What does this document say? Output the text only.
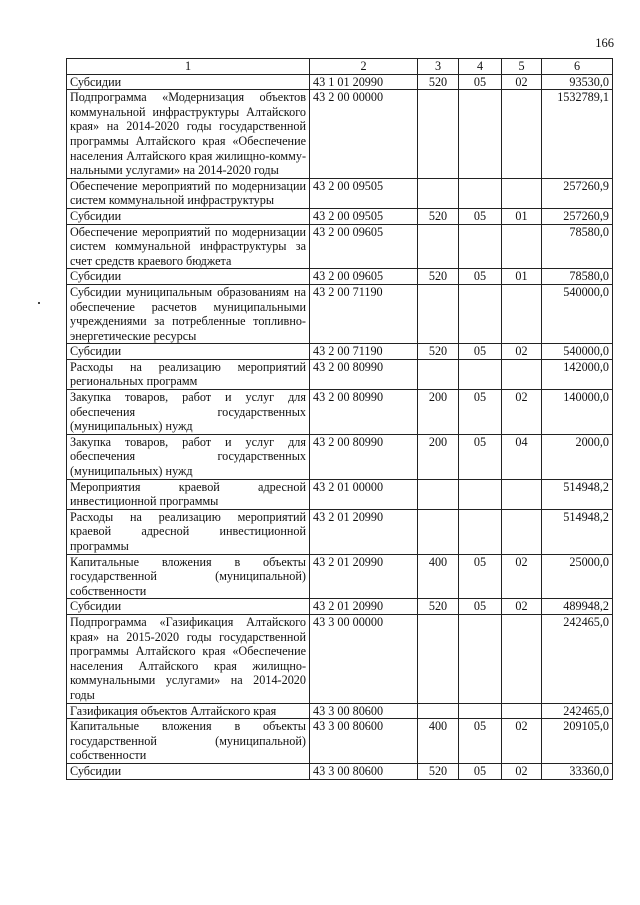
166
1	2	3	4	5	6
Субсидии	43 1 01 20990	520	05	02	93530,0
Подпрограмма «Модернизация объектов коммунальной инфраструктуры Алтайского края» на 2014-2020 годы государственной программы Алтайского края «Обеспечение населения Алтайского края жилищно-коммунальными услугами» на 2014-2020 годы	43 2 00 00000				1532789,1
Обеспечение мероприятий по модернизации систем коммунальной инфраструктуры	43 2 00 09505				257260,9
Субсидии	43 2 00 09505	520	05	01	257260,9
Обеспечение мероприятий по модернизации систем коммунальной инфраструктуры за счет средств краевого бюджета	43 2 00 09605				78580,0
Субсидии	43 2 00 09605	520	05	01	78580,0
Субсидии муниципальным образованиям на обеспечение расчетов муниципальными учреждениями за потребленные топливно-энергетические ресурсы	43 2 00 71190				540000,0
Субсидии	43 2 00 71190	520	05	02	540000,0
Расходы на реализацию мероприятий региональных программ	43 2 00 80990				142000,0
Закупка товаров, работ и услуг для обеспечения государственных (муниципальных) нужд	43 2 00 80990	200	05	02	140000,0
Закупка товаров, работ и услуг для обеспечения государственных (муниципальных) нужд	43 2 00 80990	200	05	04	2000,0
Мероприятия краевой адресной инвестиционной программы	43 2 01 00000				514948,2
Расходы на реализацию мероприятий краевой адресной инвестиционной программы	43 2 01 20990				514948,2
Капитальные вложения в объекты государственной (муниципальной) собственности	43 2 01 20990	400	05	02	25000,0
Субсидии	43 2 01 20990	520	05	02	489948,2
Подпрограмма «Газификация Алтайского края» на 2015-2020 годы государственной программы Алтайского края «Обеспечение населения Алтайского края жилищно-коммунальными услугами» на 2014-2020 годы	43 3 00 00000				242465,0
Газификация объектов Алтайского края	43 3 00 80600				242465,0
Капитальные вложения в объекты государственной (муниципальной) собственности	43 3 00 80600	400	05	02	209105,0
Субсидии	43 3 00 80600	520	05	02	33360,0
